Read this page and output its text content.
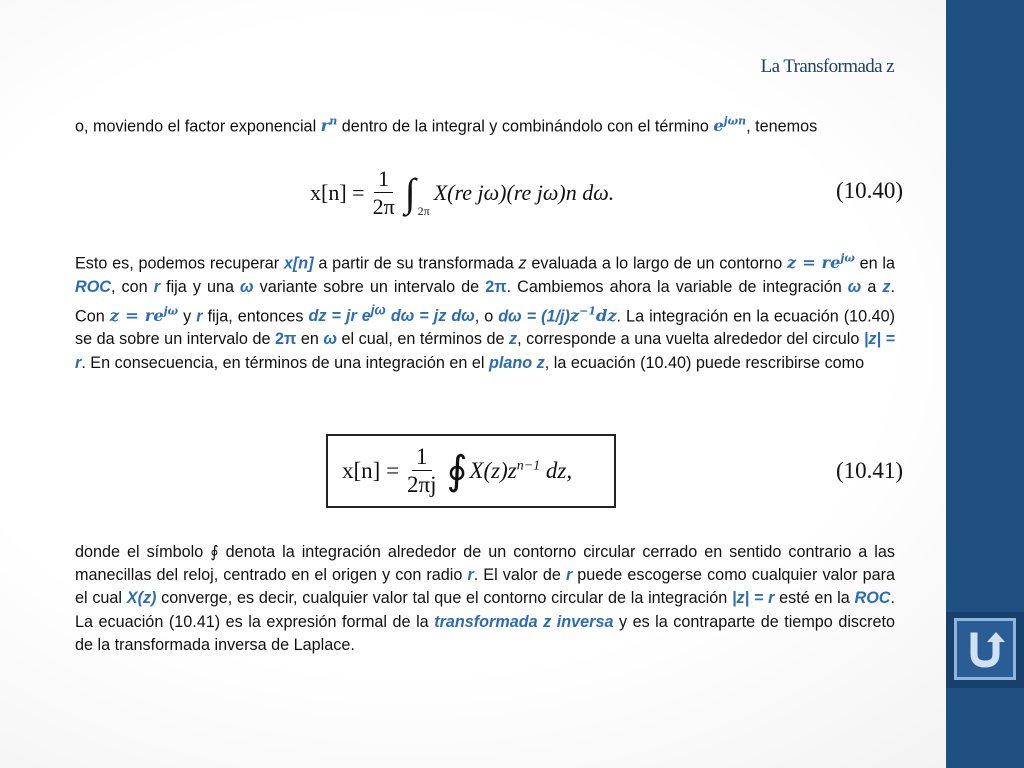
La Transformada z
o, moviendo el factor exponencial $r^n$ dentro de la integral y combinándolo con el término $e^{j\omega n}$, tenemos
$x[n] = \frac{1}{2\pi}$ ∫ 2π
X(re jω)(re jω)n dω.	(10.40)
Esto es, podemos recuperar x[n] a partir de su transformada z evaluada a lo largo de un contorno $z = re^{j\omega}$ en la ROC, con r fija y una ω variante sobre un intervalo de 2π. Cambiemos ahora la variable de integración ω a z. Con $z = re^{j\omega}$ y r fija, entonces dz = jr $e^{j\omega}$ dω = jz dω, o $d\omega = (1/j)z^{-1}dz$. La integración en la ecuación (10.40) se da sobre un intervalo de 2π en ω el cual, en términos de z, corresponde a una vuelta alrededor del circulo |z| = r. En consecuencia, en términos de una integración en el plano z, la ecuación (10.40) puede rescribirse como
$x[n] = \frac{1}{2\pi j}$ ∮ $X(z)z^{n-1}$ dz,	(10.41)
donde el símbolo ∮ denota la integración alrededor de un contorno circular cerrado en sentido contrario a las manecillas del reloj, centrado en el origen y con radio r. El valor de r puede escogerse como cualquier valor para el cual X(z) converge, es decir, cualquier valor tal que el contorno circular de la integración |z| = r esté en la ROC. La ecuación (10.41) es la expresión formal de la transformada z inversa y es la contraparte de tiempo discreto de la transformada inversa de Laplace.
